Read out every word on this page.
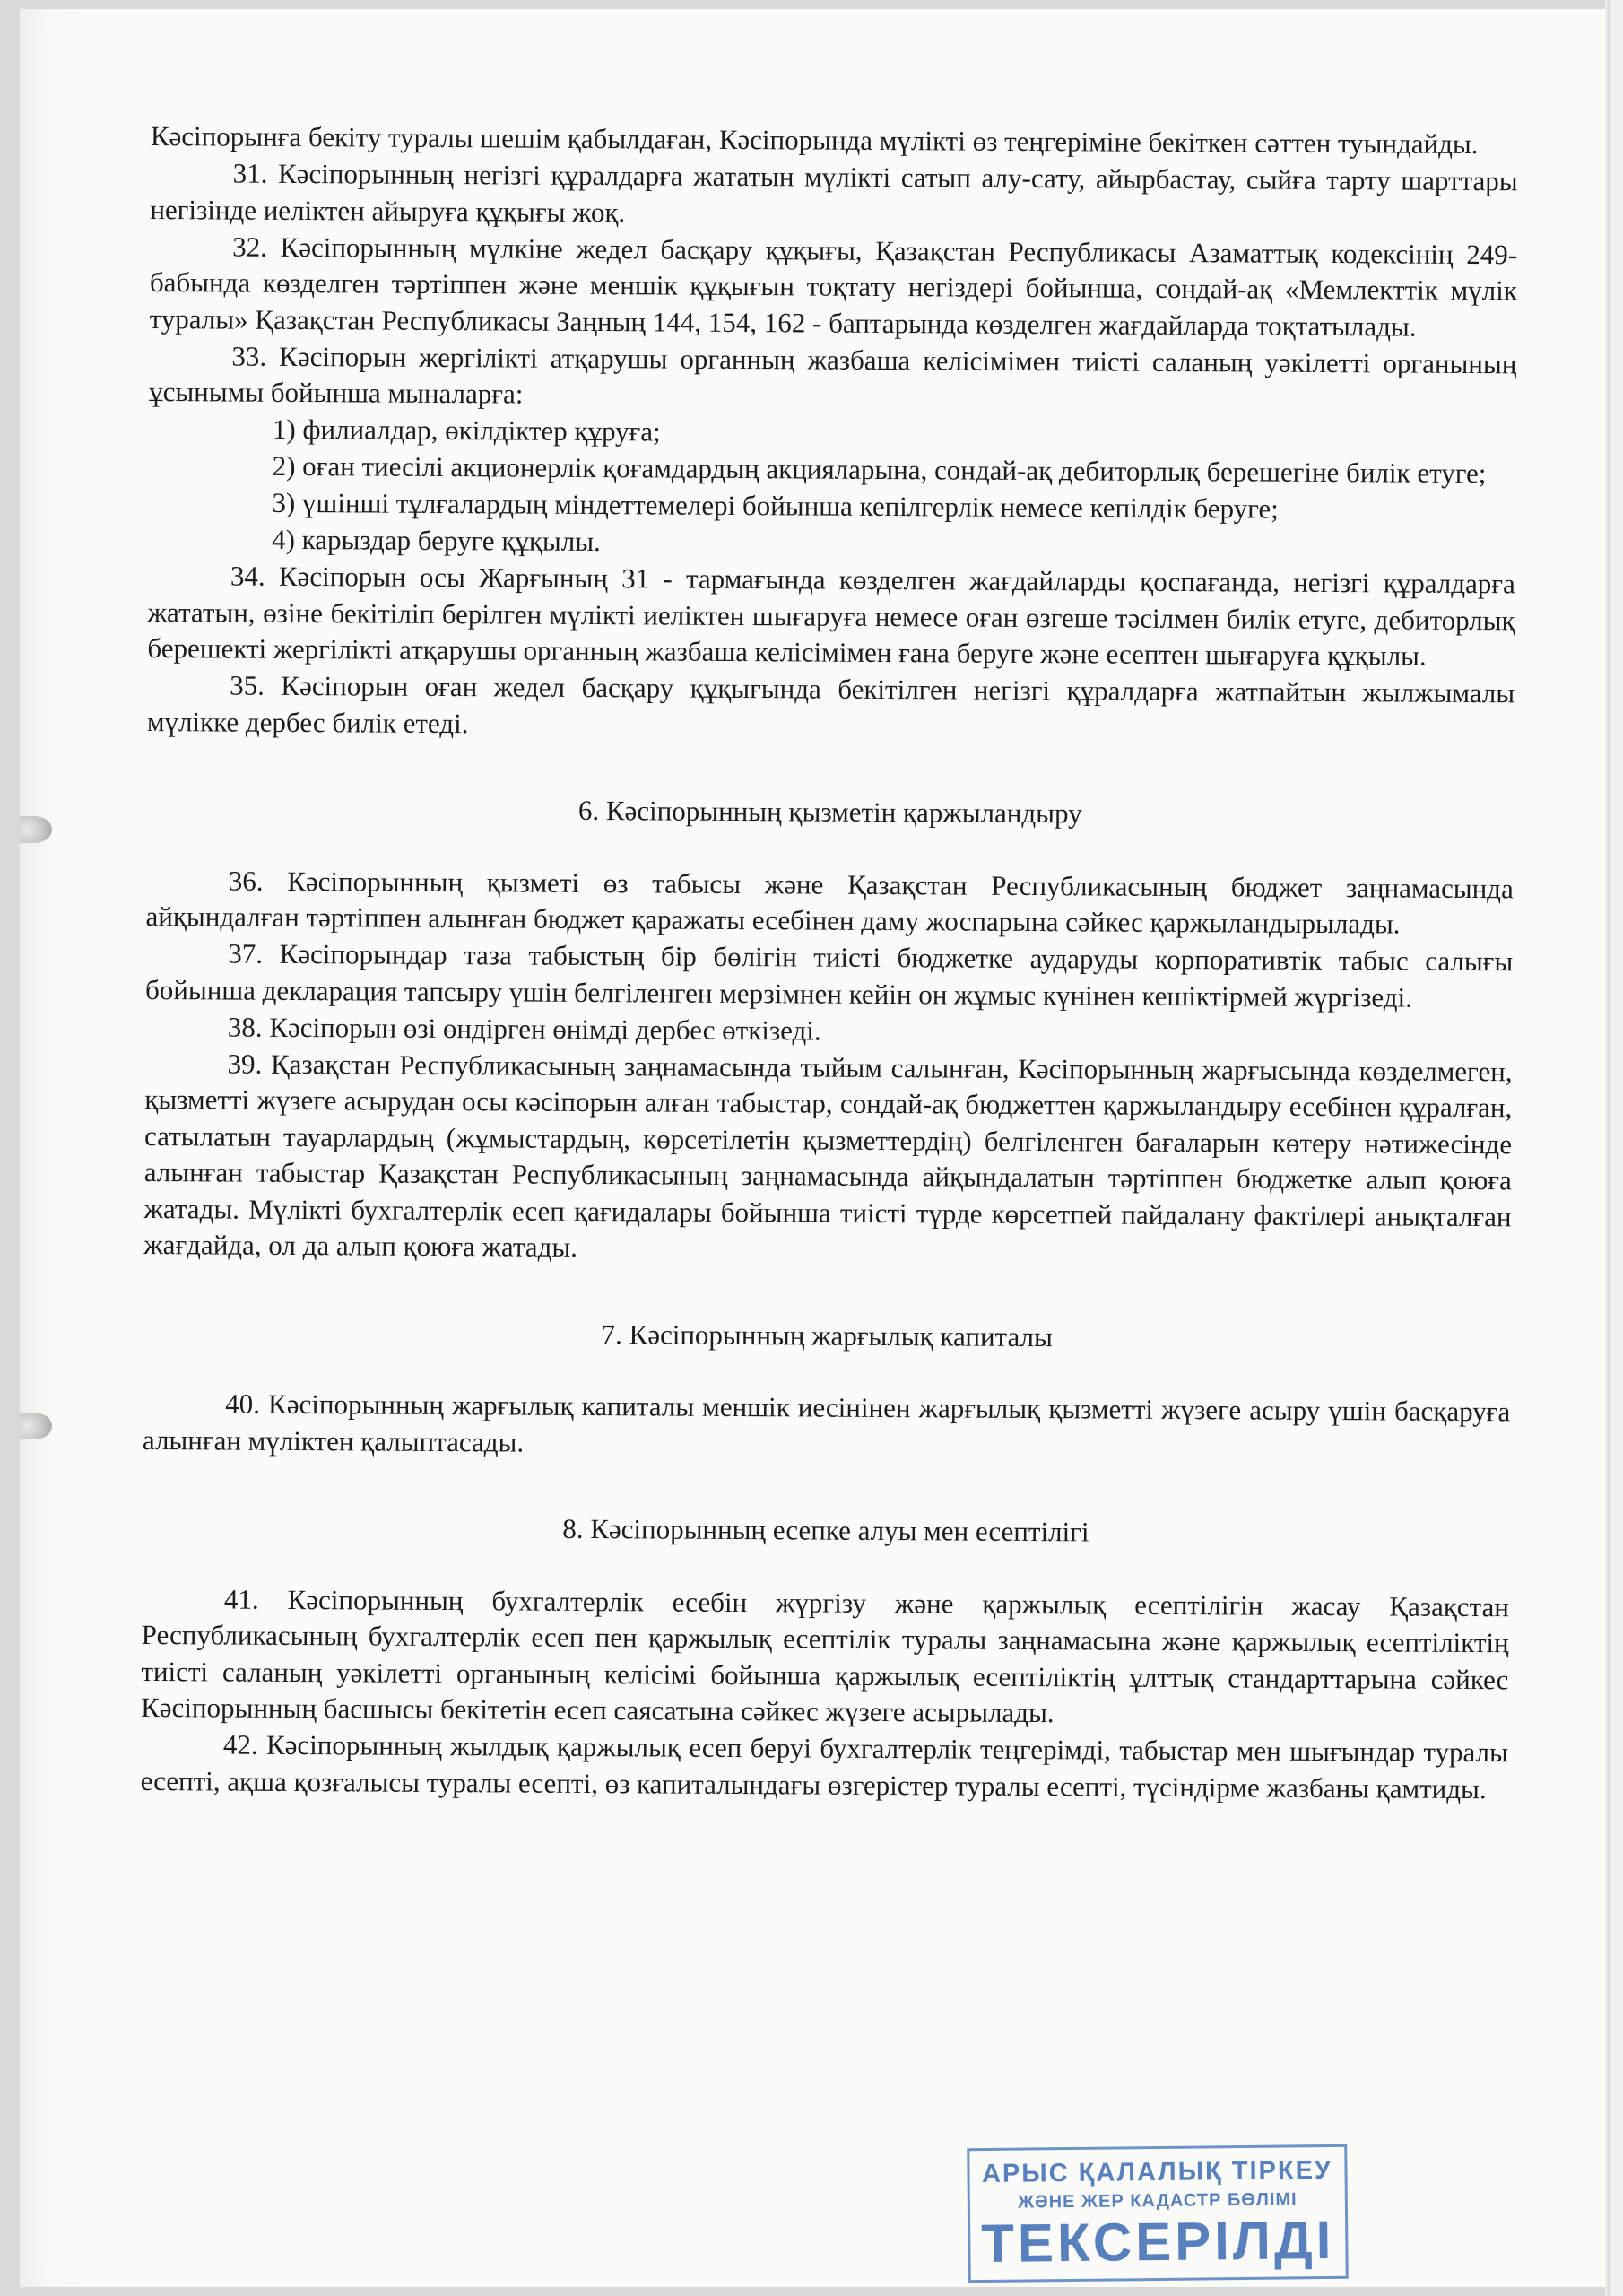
Кәсіпорынға бекіту туралы шешім қабылдаған, Кәсіпорында мүлікті өз теңгеріміне бекіткен сәттен туындайды.

31. Кәсіпорынның негізгі құралдарға жататын мүлікті сатып алу-сату, айырбастау, сыйға тарту шарттары негізінде иеліктен айыруға құқығы жоқ.

32. Кәсіпорынның мүлкіне жедел басқару құқығы, Қазақстан Республикасы Азаматтық кодексінің 249-бабында көзделген тәртіппен және меншік құқығын тоқтату негіздері бойынша, сондай-ақ «Мемлекттік мүлік туралы» Қазақстан Республикасы Заңның 144, 154, 162 - баптарында көзделген жағдайларда тоқтатылады.

33. Кәсіпорын жергілікті атқарушы органның жазбаша келісімімен тиісті саланың уәкілетті органының ұсынымы бойынша мыналарға:

1) филиалдар, өкілдіктер құруға;

2) оған тиесілі акционерлік қоғамдардың акцияларына, сондай-ақ дебиторлық берешегіне билік етуге;

3) үшінші тұлғалардың міндеттемелері бойынша кепілгерлік немесе кепілдік беруге;

4) карыздар беруге құқылы.

34. Кәсіпорын осы Жарғының 31 - тармағында көзделген жағдайларды қоспағанда, негізгі құралдарға жататын, өзіне бекітіліп берілген мүлікті иеліктен шығаруға немесе оған өзгеше тәсілмен билік етуге, дебиторлық берешекті жергілікті атқарушы органның жазбаша келісімімен ғана беруге және есептен шығаруға құқылы.

35. Кәсіпорын оған жедел басқару құқығында бекітілген негізгі құралдарға жатпайтын жылжымалы мүлікке дербес билік етеді.

6. Кәсіпорынның қызметін қаржыландыру

36. Кәсіпорынның қызметі өз табысы және Қазақстан Республикасының бюджет заңнамасында айқындалған тәртіппен алынған бюджет қаражаты есебінен даму жоспарына сәйкес қаржыландырылады.

37. Кәсіпорындар таза табыстың бір бөлігін тиісті бюджетке аударуды корпоративтік табыс салығы бойынша декларация тапсыру үшін белгіленген мерзімнен кейін он жұмыс күнінен кешіктірмей жүргізеді.

38. Кәсіпорын өзі өндірген өнімді дербес өткізеді.

39. Қазақстан Республикасының заңнамасында тыйым салынған, Кәсіпорынның жарғысында көзделмеген, қызметті жүзеге асырудан осы кәсіпорын алған табыстар, сондай-ақ бюджеттен қаржыландыру есебінен құралған, сатылатын тауарлардың (жұмыстардың, көрсетілетін қызметтердің) белгіленген бағаларын көтеру нәтижесінде алынған табыстар Қазақстан Республикасының заңнамасында айқындалатын тәртіппен бюджетке алып қоюға жатады. Мүлікті бухгалтерлік есеп қағидалары бойынша тиісті түрде көрсетпей пайдалану фактілері анықталған жағдайда, ол да алып қоюға жатады.

7. Кәсіпорынның жарғылық капиталы

40. Кәсіпорынның жарғылық капиталы меншік иесінінен жарғылық қызметті жүзеге асыру үшін басқаруға алынған мүліктен қалыптасады.

8. Кәсіпорынның есепке алуы мен есептілігі

41. Кәсіпорынның бухгалтерлік есебін жүргізу және қаржылық есептілігін жасау Қазақстан Республикасының бухгалтерлік есеп пен қаржылық есептілік туралы заңнамасына және қаржылық есептіліктің тиісті саланың уәкілетті органының келісімі бойынша қаржылық есептіліктің ұлттық стандарттарына сәйкес Кәсіпорынның басшысы бекітетін есеп саясатына сәйкес жүзеге асырылады.

42. Кәсіпорынның жылдық қаржылық есеп беруі бухгалтерлік теңгерімді, табыстар мен шығындар туралы есепті, ақша қозғалысы туралы есепті, өз капиталындағы өзгерістер туралы есепті, түсіндірме жазбаны қамтиды.

АРЫС ҚАЛАЛЫҚ ТІРКЕУ
ЖӘНЕ ЖЕР КАДАСТР БӨЛІМІ
ТЕКСЕРІЛДІ
